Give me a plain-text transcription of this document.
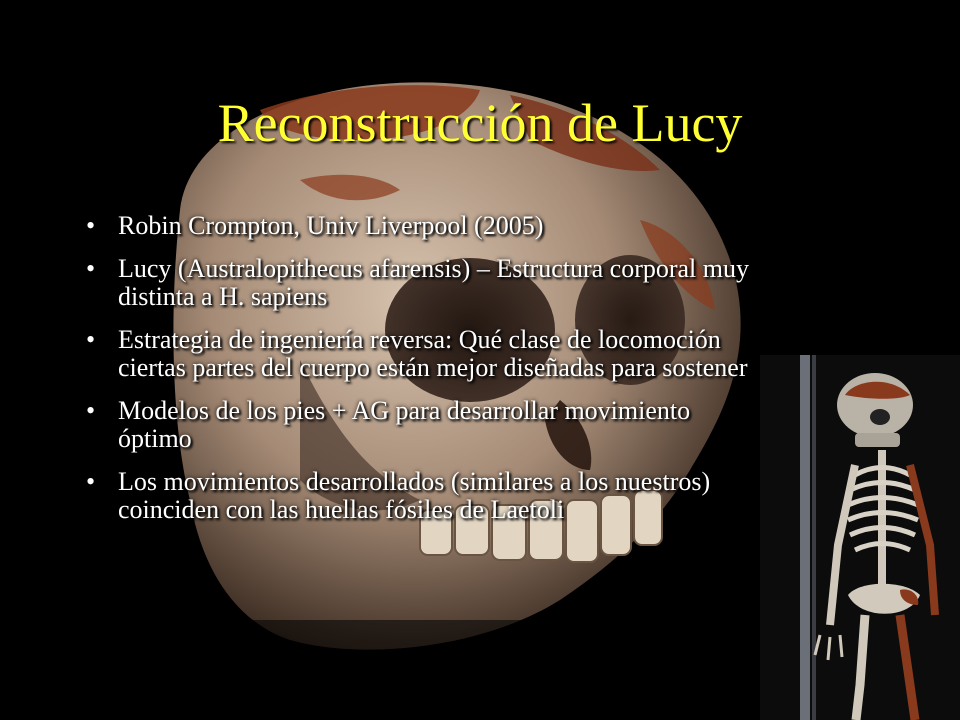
Reconstrucción de Lucy
• Robin Crompton, Univ Liverpool (2005)
• Lucy (Australopithecus afarensis) – Estructura corporal muy distinta a H. sapiens
• Estrategia de ingeniería reversa: Qué clase de locomoción ciertas partes del cuerpo están mejor diseñadas para sostener
• Modelos de los pies + AG para desarrollar movimiento óptimo
• Los movimientos desarrollados (similares a los nuestros) coinciden con las huellas fósiles de Laetoli
